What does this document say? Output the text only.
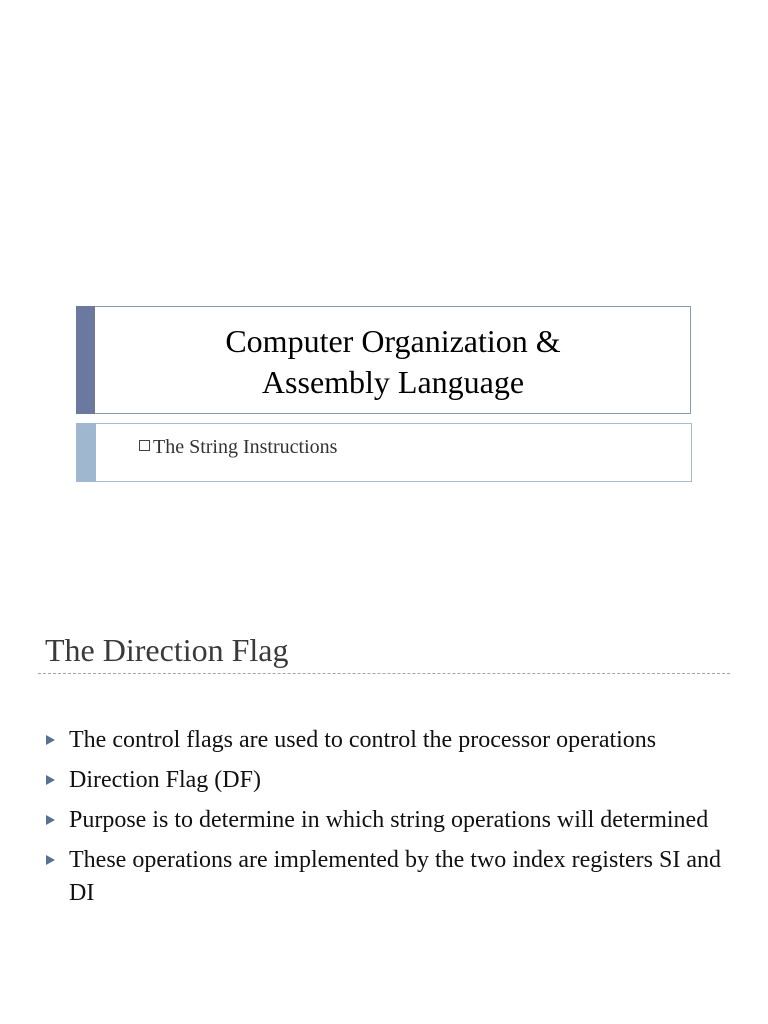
Computer Organization &
Assembly Language
The String Instructions
The Direction Flag
The control flags are used to control the processor operations
Direction Flag (DF)
Purpose is to determine in which string operations will determined
These operations are implemented by the two index registers SI and DI
